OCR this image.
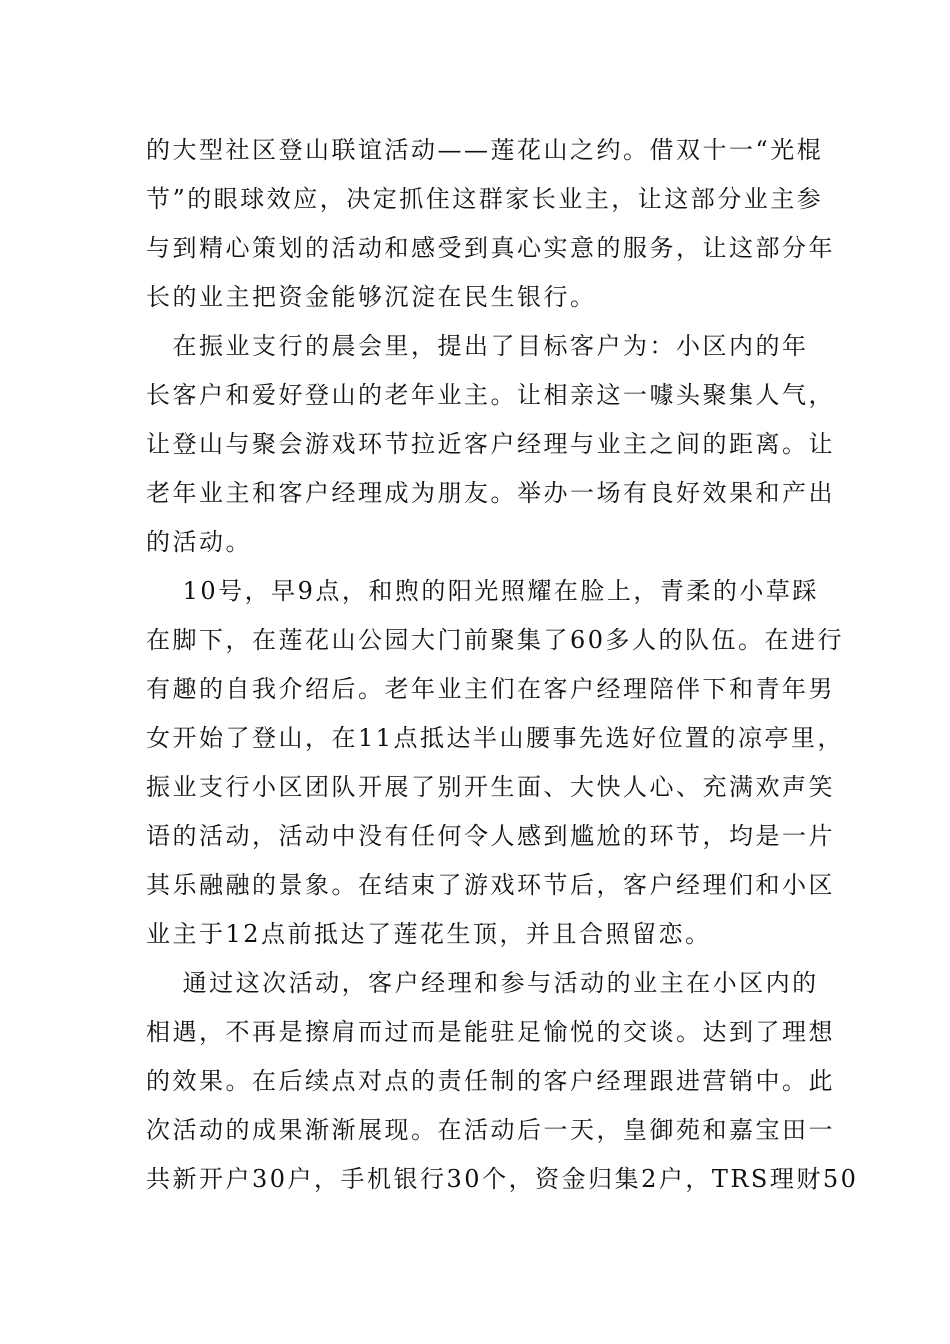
的大型社区登山联谊活动——莲花山之约。借双十一“光棍
节”的眼球效应，决定抓住这群家长业主，让这部分业主参
与到精心策划的活动和感受到真心实意的服务，让这部分年
长的业主把资金能够沉淀在民生银行。
　在振业支行的晨会里，提出了目标客户为：小区内的年
长客户和爱好登山的老年业主。让相亲这一噱头聚集人气，
让登山与聚会游戏环节拉近客户经理与业主之间的距离。让
老年业主和客户经理成为朋友。举办一场有良好效果和产出
的活动。
　 10号，早9点，和煦的阳光照耀在脸上，青柔的小草踩
在脚下，在莲花山公园大门前聚集了60多人的队伍。在进行
有趣的自我介绍后。老年业主们在客户经理陪伴下和青年男
女开始了登山，在11点抵达半山腰事先选好位置的凉亭里，
振业支行小区团队开展了别开生面、大快人心、充满欢声笑
语的活动，活动中没有任何令人感到尴尬的环节，均是一片
其乐融融的景象。在结束了游戏环节后，客户经理们和小区
业主于12点前抵达了莲花生顶，并且合照留恋。
　 通过这次活动，客户经理和参与活动的业主在小区内的
相遇，不再是擦肩而过而是能驻足愉悦的交谈。达到了理想
的效果。在后续点对点的责任制的客户经理跟进营销中。此
次活动的成果渐渐展现。在活动后一天，皇御苑和嘉宝田一
共新开户30户，手机银行30个，资金归集2户，TRS理财50
